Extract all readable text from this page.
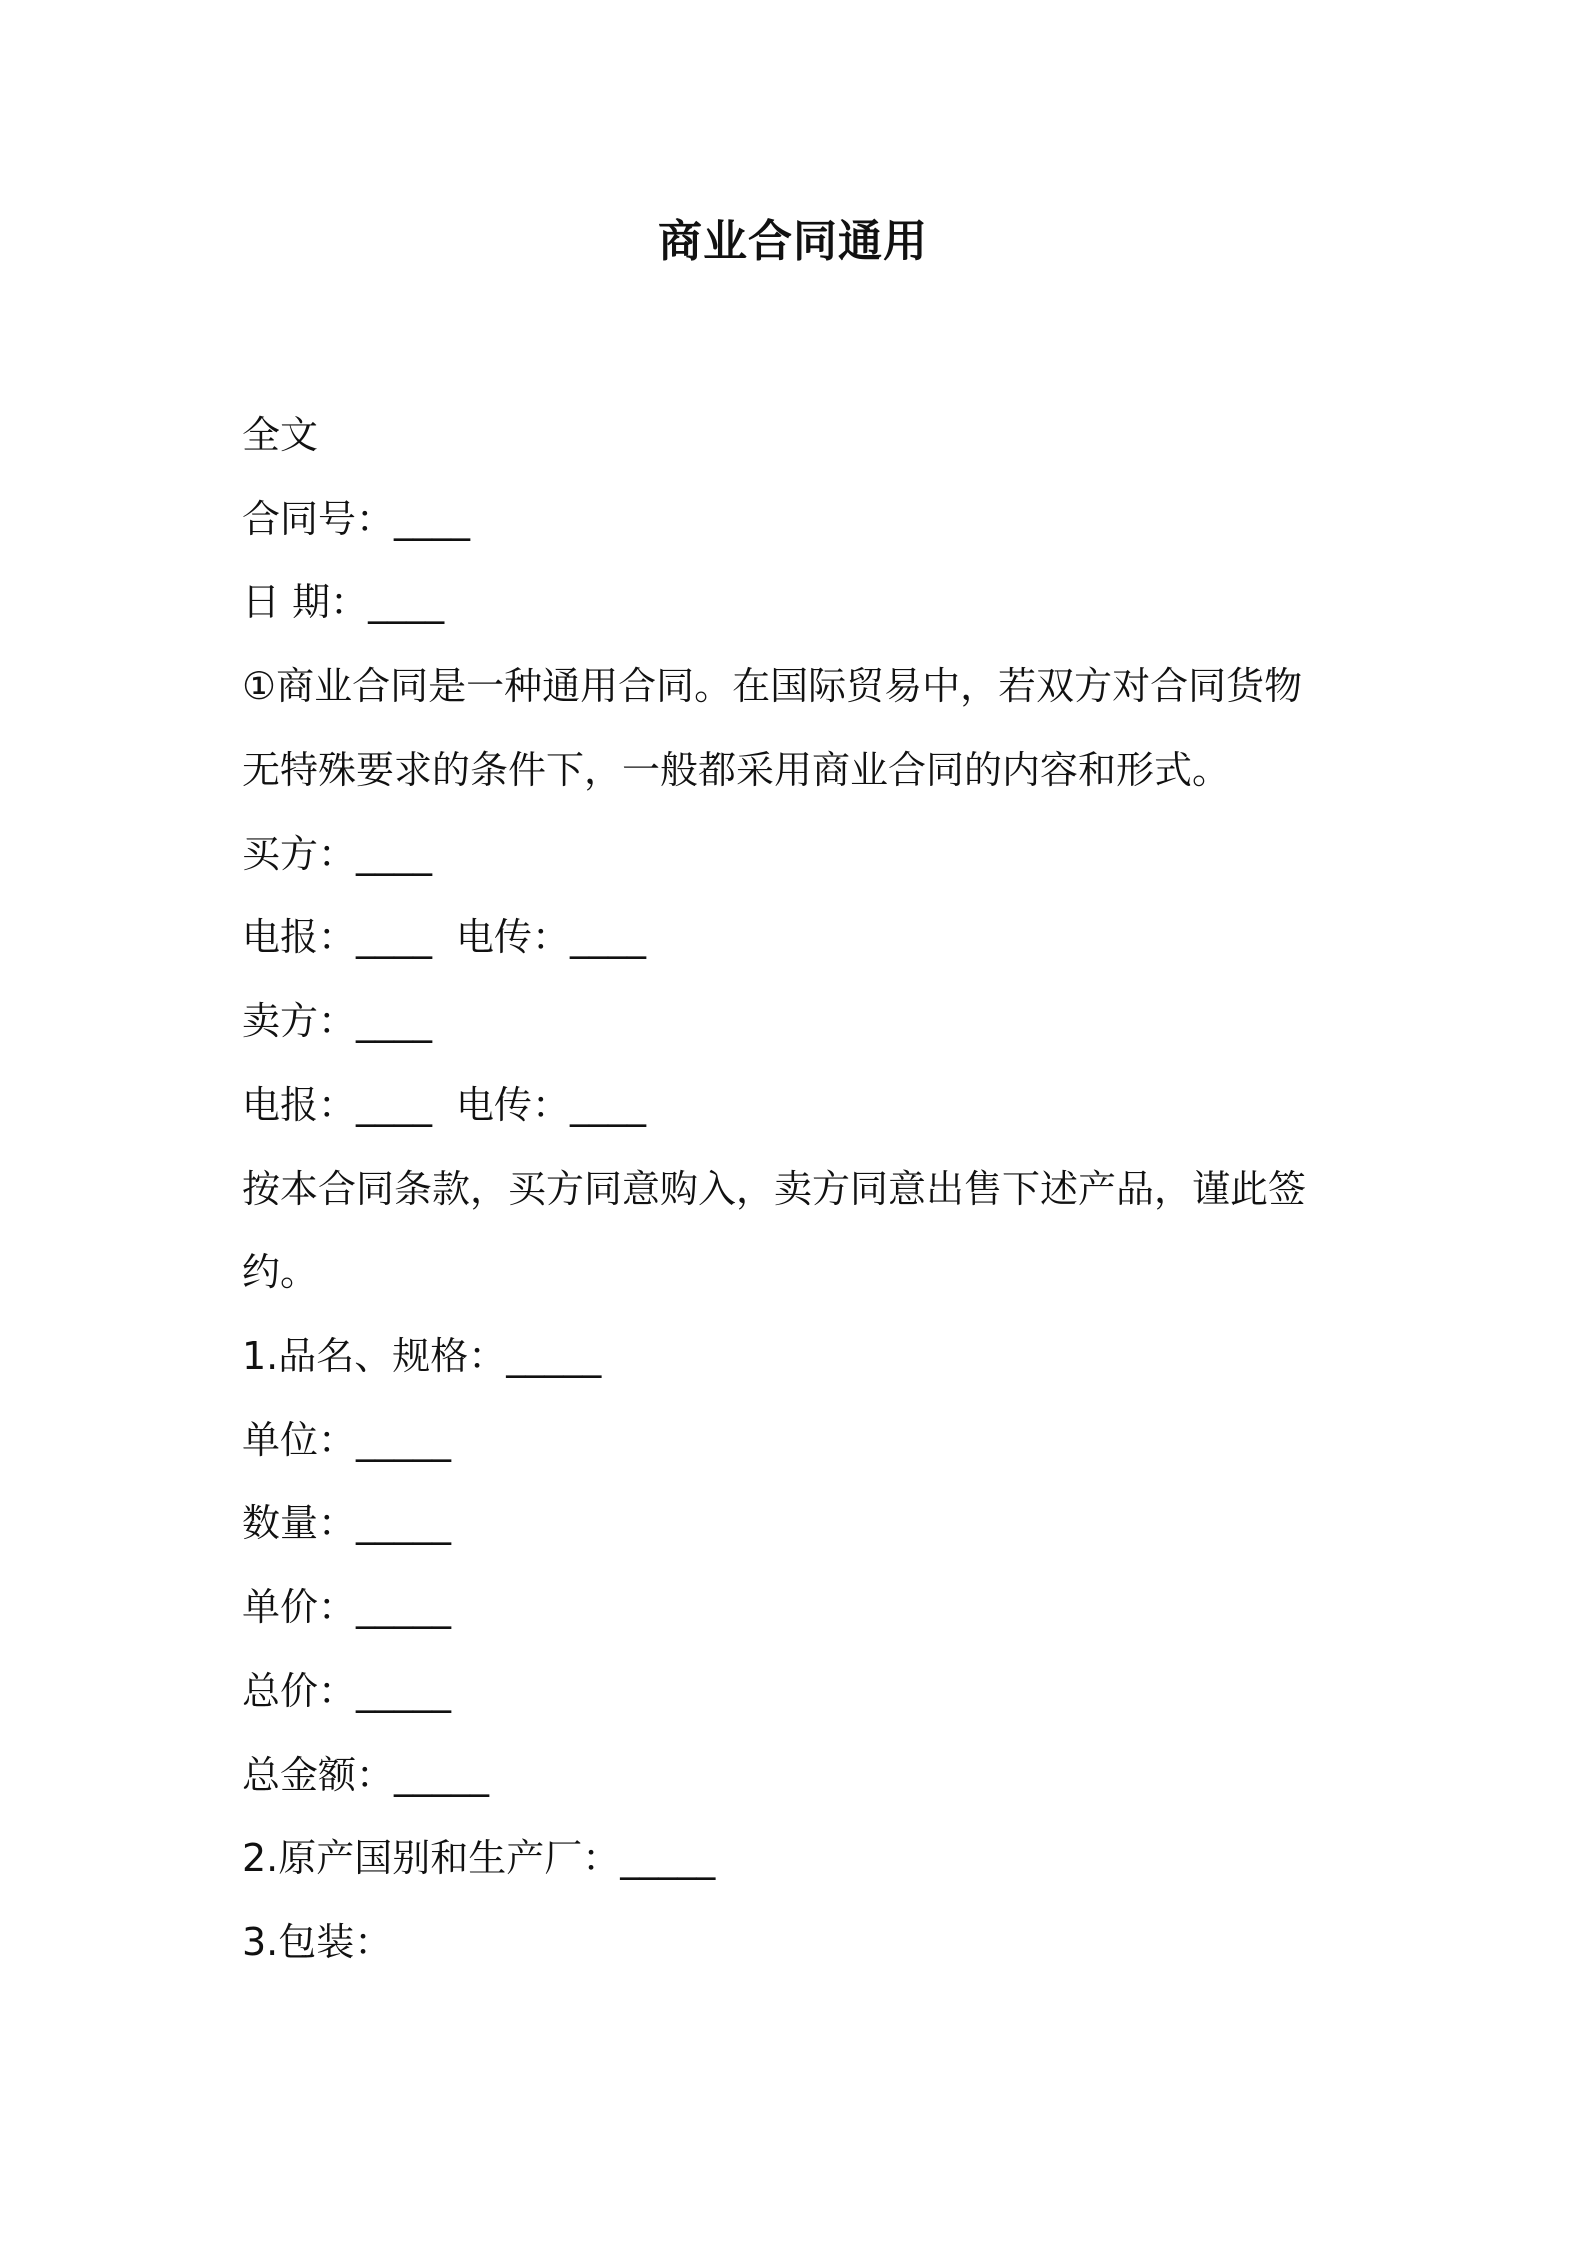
商业合同通用
全文
合同号：____
日 期：____
①商业合同是一种通用合同。在国际贸易中，若双方对合同货物
无特殊要求的条件下，一般都采用商业合同的内容和形式。
买方：____
电报：____ 电传：____
卖方：____
电报：____ 电传：____
按本合同条款，买方同意购入，卖方同意出售下述产品，谨此签
约。
1.品名、规格：_____
单位：_____
数量：_____
单价：_____
总价：_____
总金额：_____
2.原产国别和生产厂：_____
3.包装：
